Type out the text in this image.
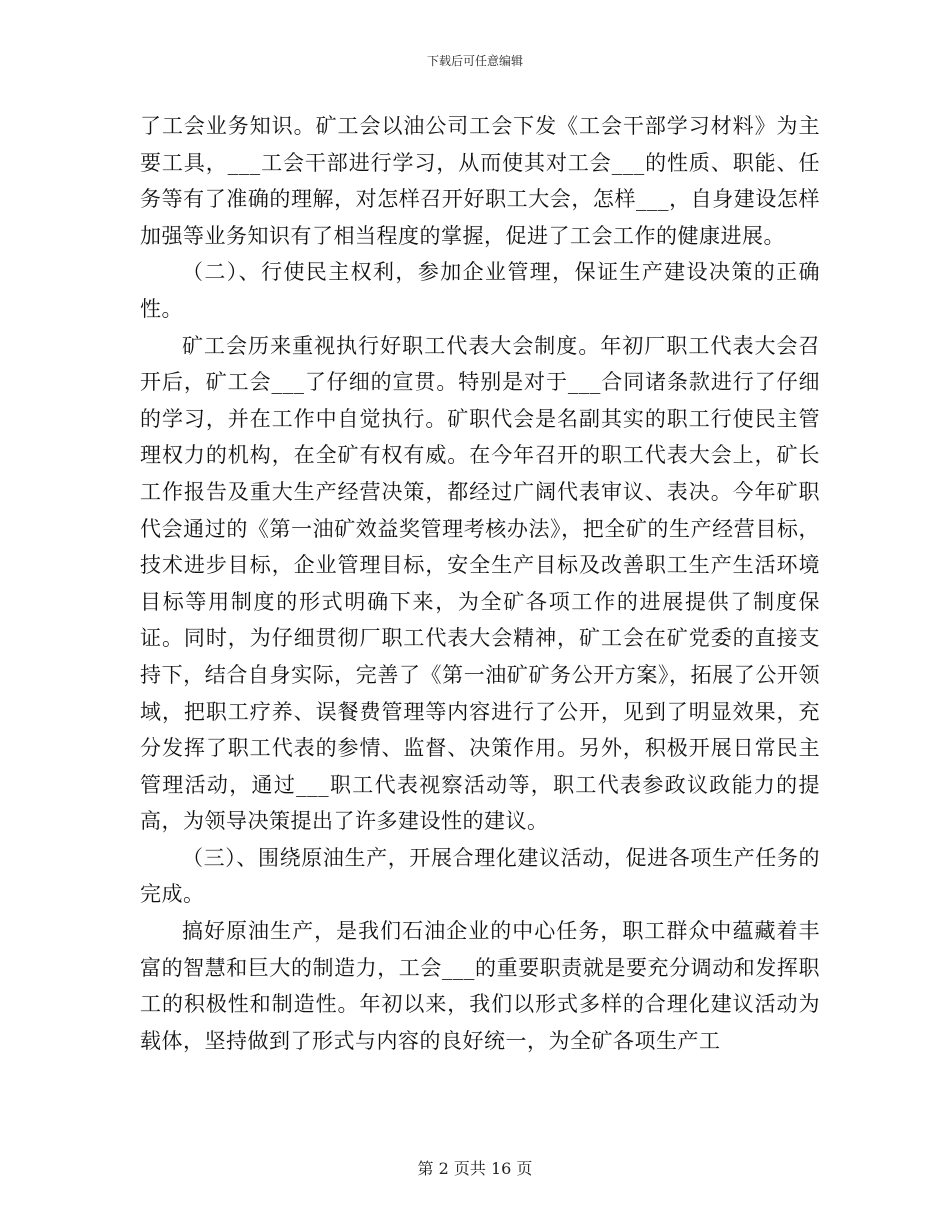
下载后可任意编辑

了工会业务知识。矿工会以油公司工会下发《工会干部学习材料》为主要工具，___工会干部进行学习，从而使其对工会___的性质、职能、任务等有了准确的理解，对怎样召开好职工大会，怎样___，自身建设怎样加强等业务知识有了相当程度的掌握，促进了工会工作的健康进展。

（二）、行使民主权利，参加企业管理，保证生产建设决策的正确性。

矿工会历来重视执行好职工代表大会制度。年初厂职工代表大会召开后，矿工会___了仔细的宣贯。特别是对于___合同诸条款进行了仔细的学习，并在工作中自觉执行。矿职代会是名副其实的职工行使民主管理权力的机构，在全矿有权有威。在今年召开的职工代表大会上，矿长工作报告及重大生产经营决策，都经过广阔代表审议、表决。今年矿职代会通过的《第一油矿效益奖管理考核办法》，把全矿的生产经营目标，技术进步目标，企业管理目标，安全生产目标及改善职工生产生活环境目标等用制度的形式明确下来，为全矿各项工作的进展提供了制度保证。同时，为仔细贯彻厂职工代表大会精神，矿工会在矿党委的直接支持下，结合自身实际，完善了《第一油矿矿务公开方案》，拓展了公开领域，把职工疗养、误餐费管理等内容进行了公开，见到了明显效果，充分发挥了职工代表的参情、监督、决策作用。另外，积极开展日常民主管理活动，通过___职工代表视察活动等，职工代表参政议政能力的提高，为领导决策提出了许多建设性的建议。

（三）、围绕原油生产，开展合理化建议活动，促进各项生产任务的完成。

搞好原油生产，是我们石油企业的中心任务，职工群众中蕴藏着丰富的智慧和巨大的制造力，工会___的重要职责就是要充分调动和发挥职工的积极性和制造性。年初以来，我们以形式多样的合理化建议活动为载体，坚持做到了形式与内容的良好统一，为全矿各项生产工

第 2 页共 16 页
